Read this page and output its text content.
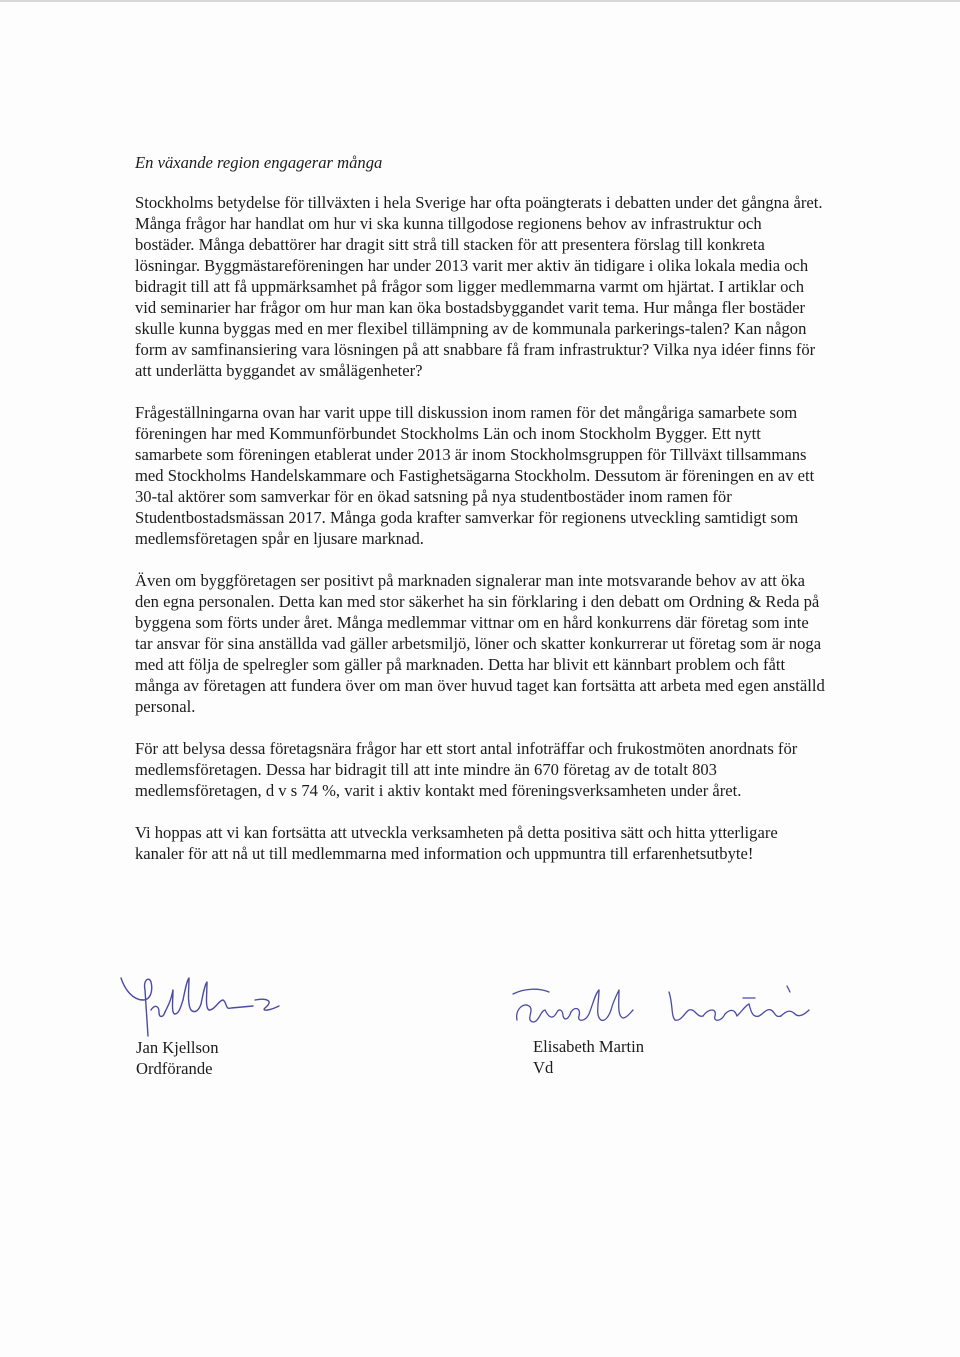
En växande region engagerar många

Stockholms betydelse för tillväxten i hela Sverige har ofta poängterats i debatten under det gångna året. Många frågor har handlat om hur vi ska kunna tillgodose regionens behov av infrastruktur och bostäder. Många debattörer har dragit sitt strå till stacken för att presentera förslag till konkreta lösningar. Byggmästareföreningen har under 2013 varit mer aktiv än tidigare i olika lokala media och bidragit till att få uppmärksamhet på frågor som ligger medlemmarna varmt om hjärtat. I artiklar och vid seminarier har frågor om hur man kan öka bostadsbyggandet varit tema. Hur många fler bostäder skulle kunna byggas med en mer flexibel tillämpning av de kommunala parkerings-talen? Kan någon form av samfinansiering vara lösningen på att snabbare få fram infrastruktur? Vilka nya idéer finns för att underlätta byggandet av smålägenheter?

Frågeställningarna ovan har varit uppe till diskussion inom ramen för det mångåriga samarbete som föreningen har med Kommunförbundet Stockholms Län och inom Stockholm Bygger. Ett nytt samarbete som föreningen etablerat under 2013 är inom Stockholmsgruppen för Tillväxt tillsammans med Stockholms Handelskammare och Fastighetsägarna Stockholm. Dessutom är föreningen en av ett 30-tal aktörer som samverkar för en ökad satsning på nya studentbostäder inom ramen för Studentbostadsmässan 2017. Många goda krafter samverkar för regionens utveckling samtidigt som medlemsföretagen spår en ljusare marknad.

Även om byggföretagen ser positivt på marknaden signalerar man inte motsvarande behov av att öka den egna personalen. Detta kan med stor säkerhet ha sin förklaring i den debatt om Ordning & Reda på byggena som förts under året. Många medlemmar vittnar om en hård konkurrens där företag som inte tar ansvar för sina anställda vad gäller arbetsmiljö, löner och skatter konkurrerar ut företag som är noga med att följa de spelregler som gäller på marknaden. Detta har blivit ett kännbart problem och fått många av företagen att fundera över om man över huvud taget kan fortsätta att arbeta med egen anställd personal.

För att belysa dessa företagsnära frågor har ett stort antal infoträffar och frukostmöten anordnats för medlemsföretagen. Dessa har bidragit till att inte mindre än 670 företag av de totalt 803 medlemsföretagen, d v s 74 %, varit i aktiv kontakt med föreningsverksamheten under året.

Vi hoppas att vi kan fortsätta att utveckla verksamheten på detta positiva sätt och hitta ytterligare kanaler för att nå ut till medlemmarna med information och uppmuntra till erfarenhetsutbyte!

Jan Kjellson
Ordförande
Elisabeth Martin
Vd
